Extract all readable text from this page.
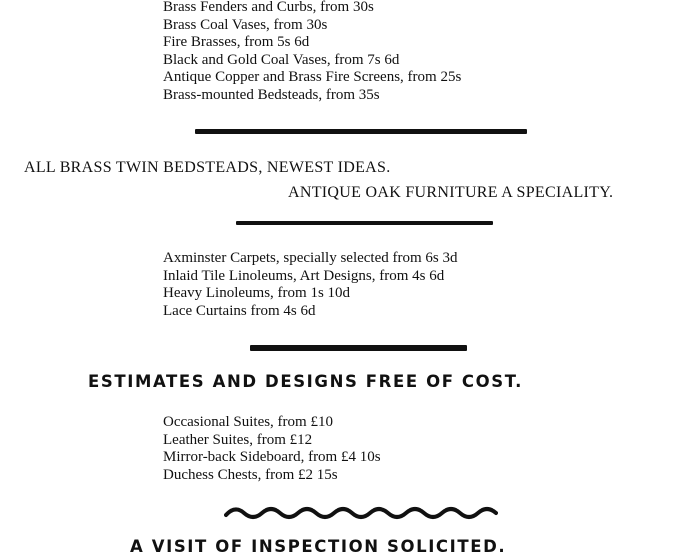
Brass Fenders and Curbs, from 30s
Brass Coal Vases, from 30s
Fire Brasses, from 5s 6d
Black and Gold Coal Vases, from 7s 6d
Antique Copper and Brass Fire Screens, from 25s
Brass-mounted Bedsteads, from 35s
ALL BRASS TWIN BEDSTEADS, NEWEST IDEAS.
ANTIQUE OAK FURNITURE A SPECIALITY.
Axminster Carpets, specially selected from 6s 3d
Inlaid Tile Linoleums, Art Designs, from 4s 6d
Heavy Linoleums, from 1s 10d
Lace Curtains from 4s 6d
ESTIMATES AND DESIGNS FREE OF COST.
Occasional Suites, from £10
Leather Suites, from £12
Mirror-back Sideboard, from £4 10s
Duchess Chests, from £2 15s
A VISIT OF INSPECTION SOLICITED.
